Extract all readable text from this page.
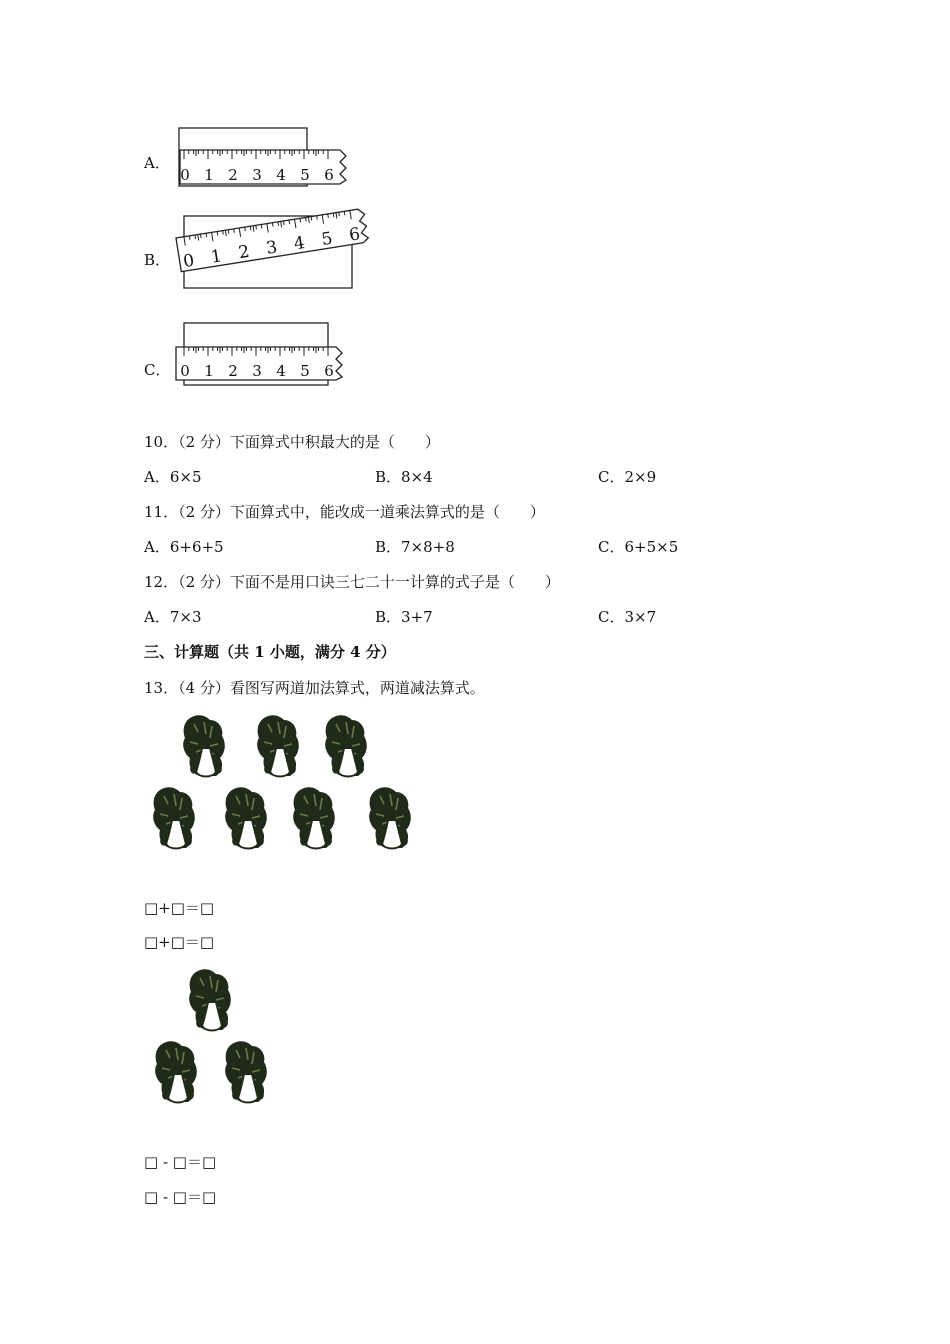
A．
0 1 2 3 4 5 6
B． 0 1 2 3 4 5 6
C． 0 1 2 3 4 5 6
10．（2 分）下面算式中积最大的是（　　）
A．6×5	B．8×4	C．2×9
11．（2 分）下面算式中，能改成一道乘法算式的是（　　）
A．6+6+5	B．7×8+8	C．6+5×5
12．（2 分）下面不是用口诀三七二十一计算的式子是（　　）
A．7×3	B．3+7	C．3×7
三、计算题（共 1 小题，满分 4 分）
13．（4 分）看图写两道加法算式，两道减法算式。
□+□＝□
□+□＝□
□ - □＝□
□ - □＝□
